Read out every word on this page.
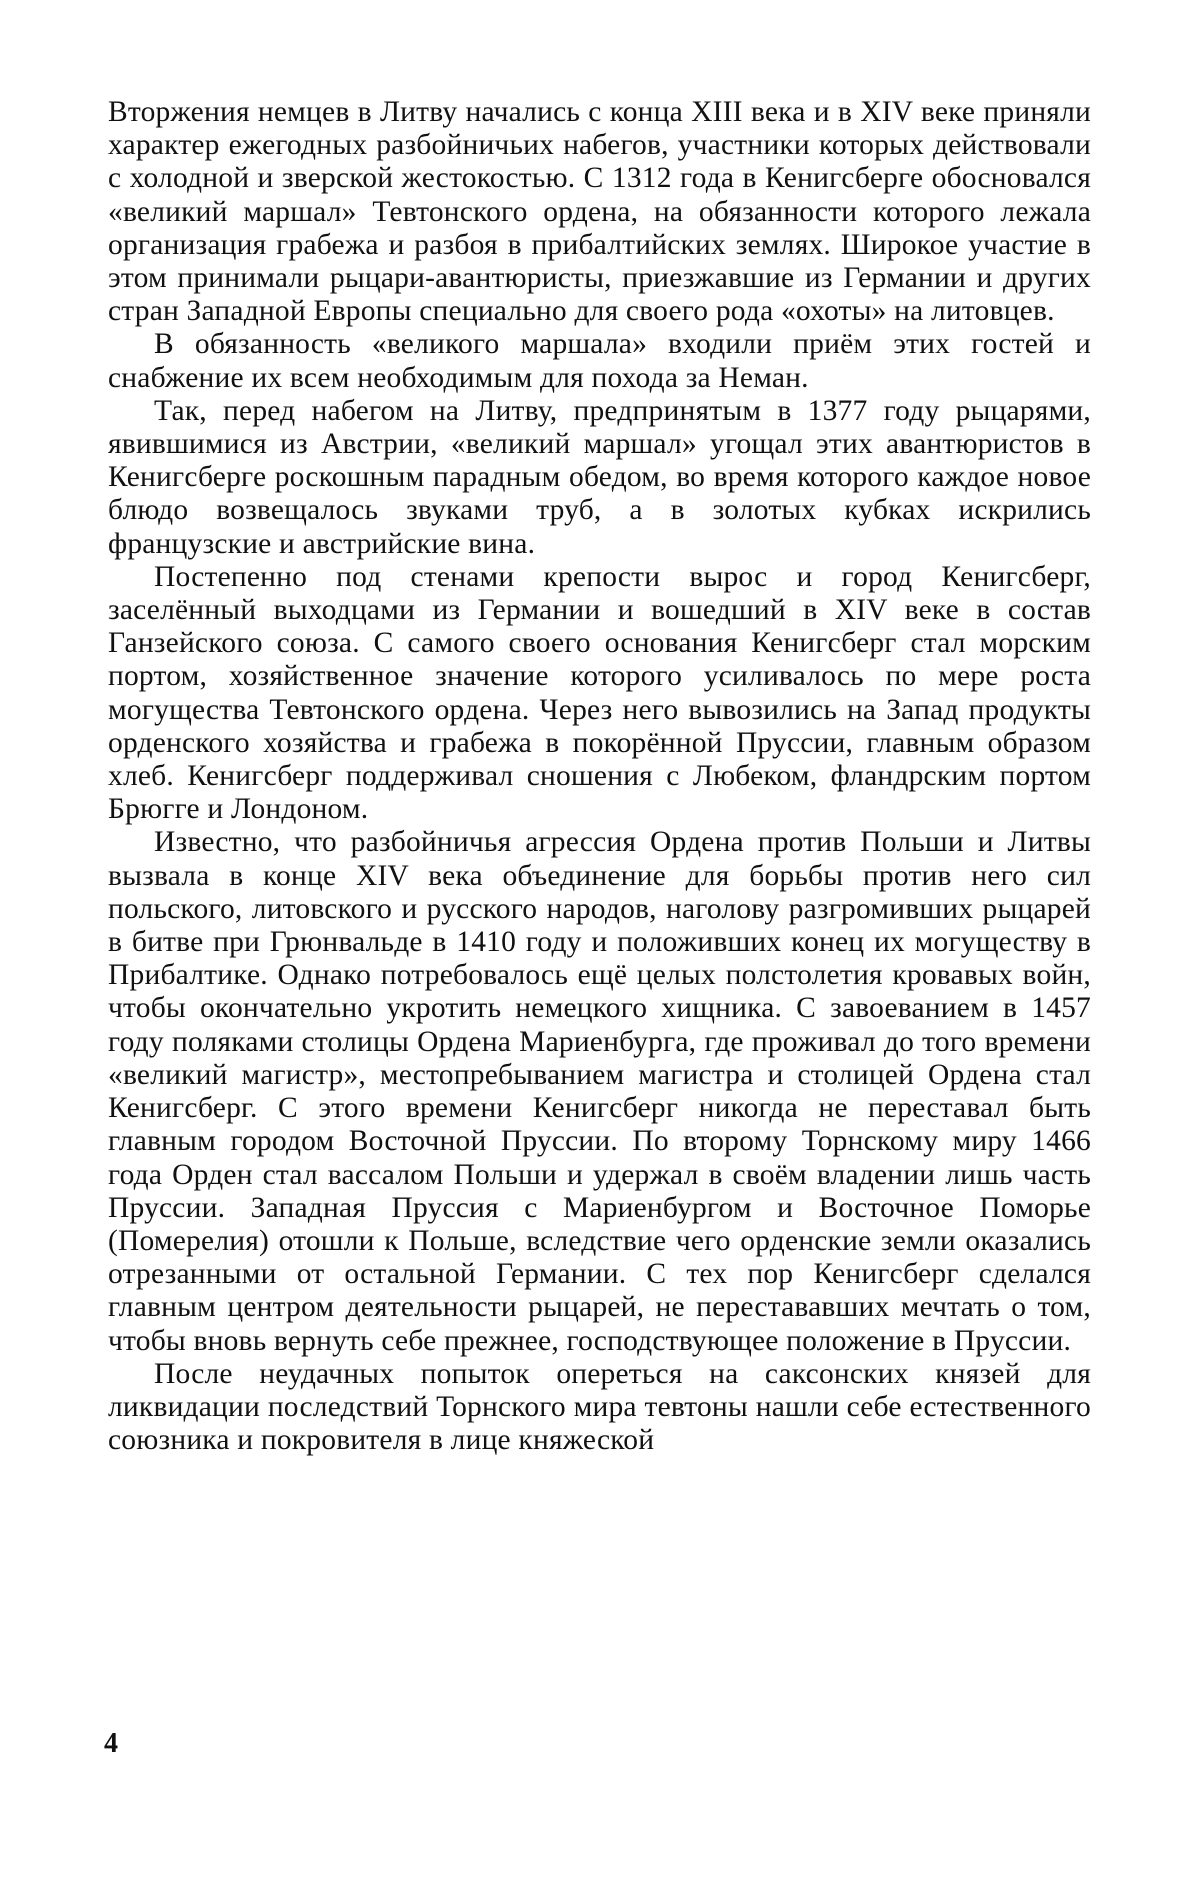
Вторжения немцев в Литву начались с конца XIII века и в XIV веке приняли характер ежегодных разбойничьих набегов, участники которых действовали с холодной и зверской жестокостью. С 1312 года в Кенигсберге обосновался «великий маршал» Тевтонского ордена, на обязанности которого лежала организация грабежа и разбоя в прибалтийских землях. Широкое участие в этом принимали рыцари-авантюристы, приезжавшие из Германии и других стран Западной Европы специально для своего рода «охоты» на литовцев.

В обязанность «великого маршала» входили приём этих гостей и снабжение их всем необходимым для похода за Неман.

Так, перед набегом на Литву, предпринятым в 1377 году рыцарями, явившимися из Австрии, «великий маршал» угощал этих авантюристов в Кенигсберге роскошным парадным обедом, во время которого каждое новое блюдо возвещалось звуками труб, а в золотых кубках искрились французские и австрийские вина.

Постепенно под стенами крепости вырос и город Кенигсберг, заселённый выходцами из Германии и вошедший в XIV веке в состав Ганзейского союза. С самого своего основания Кенигсберг стал морским портом, хозяйственное значение которого усиливалось по мере роста могущества Тевтонского ордена. Через него вывозились на Запад продукты орденского хозяйства и грабежа в покорённой Пруссии, главным образом хлеб. Кенигсберг поддерживал сношения с Любеком, фландрским портом Брюгге и Лондоном.

Известно, что разбойничья агрессия Ордена против Польши и Литвы вызвала в конце XIV века объединение для борьбы против него сил польского, литовского и русского народов, наголову разгромивших рыцарей в битве при Грюнвальде в 1410 году и положивших конец их могуществу в Прибалтике. Однако потребовалось ещё целых полстолетия кровавых войн, чтобы окончательно укротить немецкого хищника. С завоеванием в 1457 году поляками столицы Ордена Мариенбурга, где проживал до того времени «великий магистр», местопребыванием магистра и столицей Ордена стал Кенигсберг. С этого времени Кенигсберг никогда не переставал быть главным городом Восточной Пруссии. По второму Торнскому миру 1466 года Орден стал вассалом Польши и удержал в своём владении лишь часть Пруссии. Западная Пруссия с Мариенбургом и Восточное Поморье (Померелия) отошли к Польше, вследствие чего орденские земли оказались отрезанными от остальной Германии. С тех пор Кенигсберг сделался главным центром деятельности рыцарей, не перестававших мечтать о том, чтобы вновь вернуть себе прежнее, господствующее положение в Пруссии.

После неудачных попыток опереться на саксонских князей для ликвидации последствий Торнского мира тевтоны нашли себе естественного союзника и покровителя в лице княжеской

4
